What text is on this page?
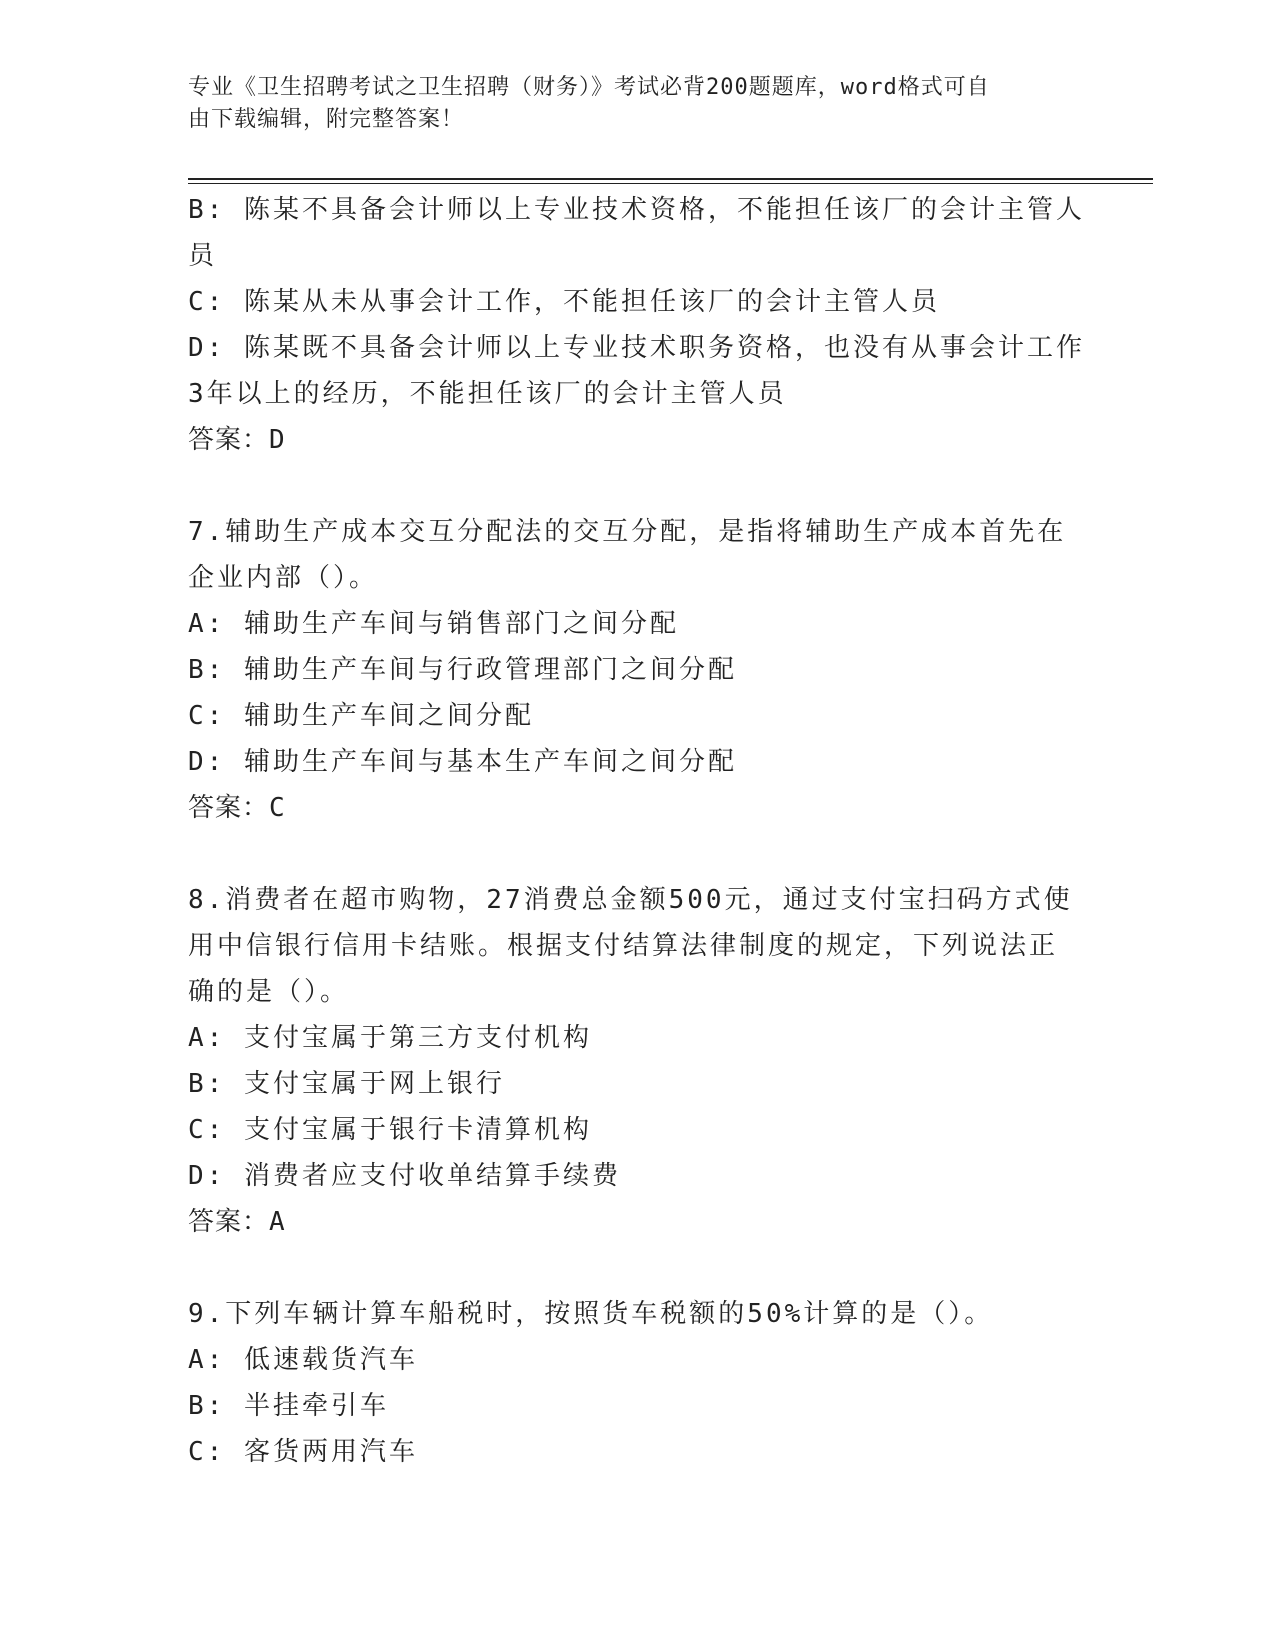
专业《卫生招聘考试之卫生招聘（财务）》考试必背200题题库，word格式可自
由下载编辑，附完整答案！
B: 陈某不具备会计师以上专业技术资格，不能担任该厂的会计主管人
员
C: 陈某从未从事会计工作，不能担任该厂的会计主管人员
D: 陈某既不具备会计师以上专业技术职务资格，也没有从事会计工作
3年以上的经历，不能担任该厂的会计主管人员
答案：D
7.辅助生产成本交互分配法的交互分配，是指将辅助生产成本首先在
企业内部（）。
A: 辅助生产车间与销售部门之间分配
B: 辅助生产车间与行政管理部门之间分配
C: 辅助生产车间之间分配
D: 辅助生产车间与基本生产车间之间分配
答案：C
8.消费者在超市购物，27消费总金额500元，通过支付宝扫码方式使
用中信银行信用卡结账。根据支付结算法律制度的规定，下列说法正
确的是（）。
A: 支付宝属于第三方支付机构
B: 支付宝属于网上银行
C: 支付宝属于银行卡清算机构
D: 消费者应支付收单结算手续费
答案：A
9.下列车辆计算车船税时，按照货车税额的50%计算的是（）。
A: 低速载货汽车
B: 半挂牵引车
C: 客货两用汽车
